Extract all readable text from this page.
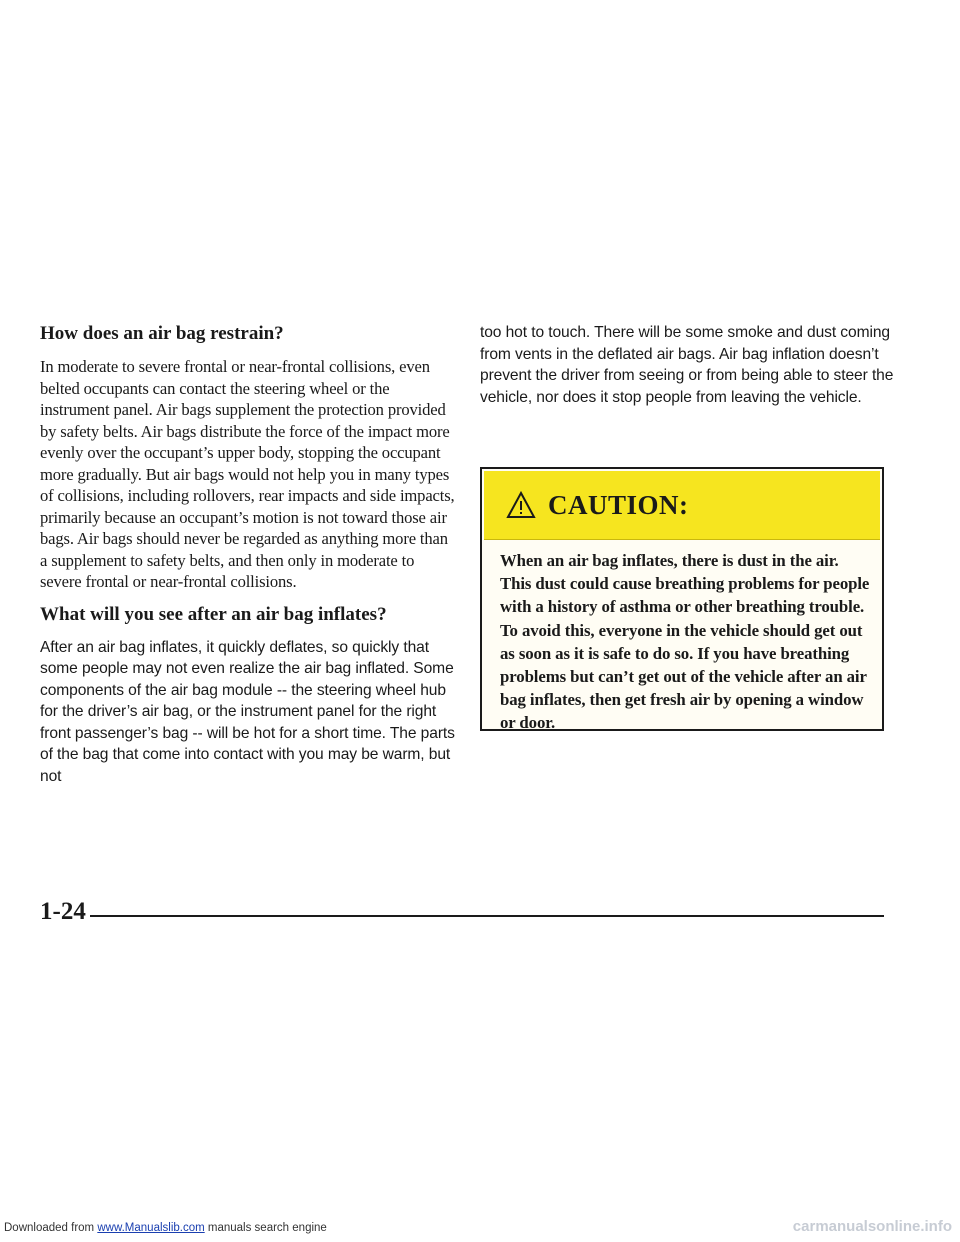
How does an air bag restrain?

In moderate to severe frontal or near-frontal collisions, even belted occupants can contact the steering wheel or the instrument panel. Air bags supplement the protection provided by safety belts. Air bags distribute the force of the impact more evenly over the occupant’s upper body, stopping the occupant more gradually. But air bags would not help you in many types of collisions, including rollovers, rear impacts and side impacts, primarily because an occupant’s motion is not toward those air bags. Air bags should never be regarded as anything more than a supplement to safety belts, and then only in moderate to severe frontal or near-frontal collisions.

What will you see after an air bag inflates?

After an air bag inflates, it quickly deflates, so quickly that some people may not even realize the air bag inflated. Some components of the air bag module -- the steering wheel hub for the driver’s air bag, or the instrument panel for the right front passenger’s bag -- will be hot for a short time. The parts of the bag that come into contact with you may be warm, but not

too hot to touch. There will be some smoke and dust coming from vents in the deflated air bags. Air bag inflation doesn’t prevent the driver from seeing or from being able to steer the vehicle, nor does it stop people from leaving the vehicle.

CAUTION:
When an air bag inflates, there is dust in the air. This dust could cause breathing problems for people with a history of asthma or other breathing trouble. To avoid this, everyone in the vehicle should get out as soon as it is safe to do so. If you have breathing problems but can’t get out of the vehicle after an air bag inflates, then get fresh air by opening a window or door.
1-24
Downloaded from www.Manualslib.com manuals search engine	carmanualsonline.info
